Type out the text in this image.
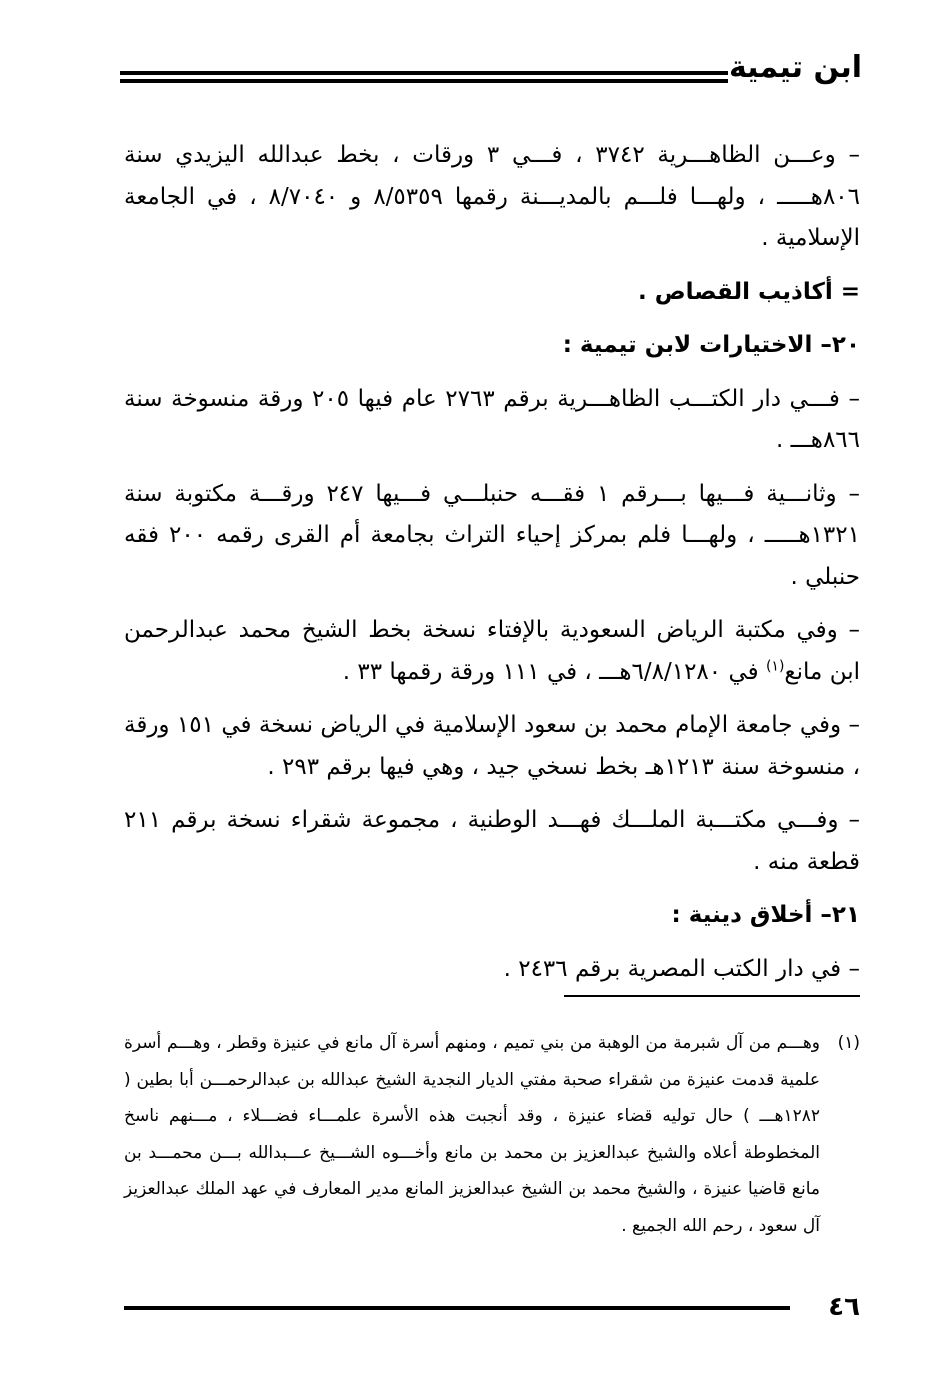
ابن تيمية

– وعـــن الظاهـــرية ٣٧٤٢ ، فـــي ٣ ورقات ، بخط عبدالله اليزيدي سنة ٨٠٦هـــــ ، ولهـــا فلـــم بالمديـــنة رقمها ٨/٥٣٥٩ و ٨/٧٠٤٠ ، في الجامعة الإسلامية .

= أكاذيب القصاص .

٢٠– الاختيارات لابن تيمية :

– فـــي دار الكتـــب الظاهـــرية برقم ٢٧٦٣ عام فيها ٢٠٥ ورقة منسوخة سنة ٨٦٦هـــ .

– وثانـــية فـــيها بـــرقم ١ فقـــه حنبلـــي فـــيها ٢٤٧ ورقـــة مكتوبة سنة ١٣٢١هـــــ ، ولهـــا فلم بمركز إحياء التراث بجامعة أم القرى رقمه ٢٠٠ فقه حنبلي .

– وفي مكتبة الرياض السعودية بالإفتاء نسخة بخط الشيخ محمد عبدالرحمن ابن مانع$^{(١)}$ في ٦/٨/١٢٨٠هـــ ، في ١١١ ورقة رقمها ٣٣ .

– وفي جامعة الإمام محمد بن سعود الإسلامية في الرياض نسخة في ١٥١ ورقة ، منسوخة سنة ١٢١٣هـ بخط نسخي جيد ، وهي فيها برقم ٢٩٣ .

– وفـــي مكتـــبة الملـــك فهـــد الوطنية ، مجموعة شقراء نسخة برقم ٢١١ قطعة منه .

٢١– أخلاق دينية :

– في دار الكتب المصرية برقم ٢٤٣٦ .

(١)
وهـــم من آل شبرمة من الوهبة من بني تميم ، ومنهم أسرة آل مانع في عنيزة وقطر ، وهـــم أسرة علمية قدمت عنيزة من شقراء صحبة مفتي الديار النجدية الشيخ عبدالله بن عبدالرحمـــن أبا بطين ( ١٢٨٢هـــ ) حال توليه قضاء عنيزة ، وقد أنجبت هذه الأسرة علمـــاء فضـــلاء ، مـــنهم ناسخ المخطوطة أعلاه والشيخ عبدالعزيز بن محمد بن مانع وأخـــوه الشـــيخ عـــبدالله بـــن محمـــد بن مانع قاضيا عنيزة ، والشيخ محمد بن الشيخ عبدالعزيز المانع مدير المعارف في عهد الملك عبدالعزيز آل سعود ، رحم الله الجميع .
٤٦
